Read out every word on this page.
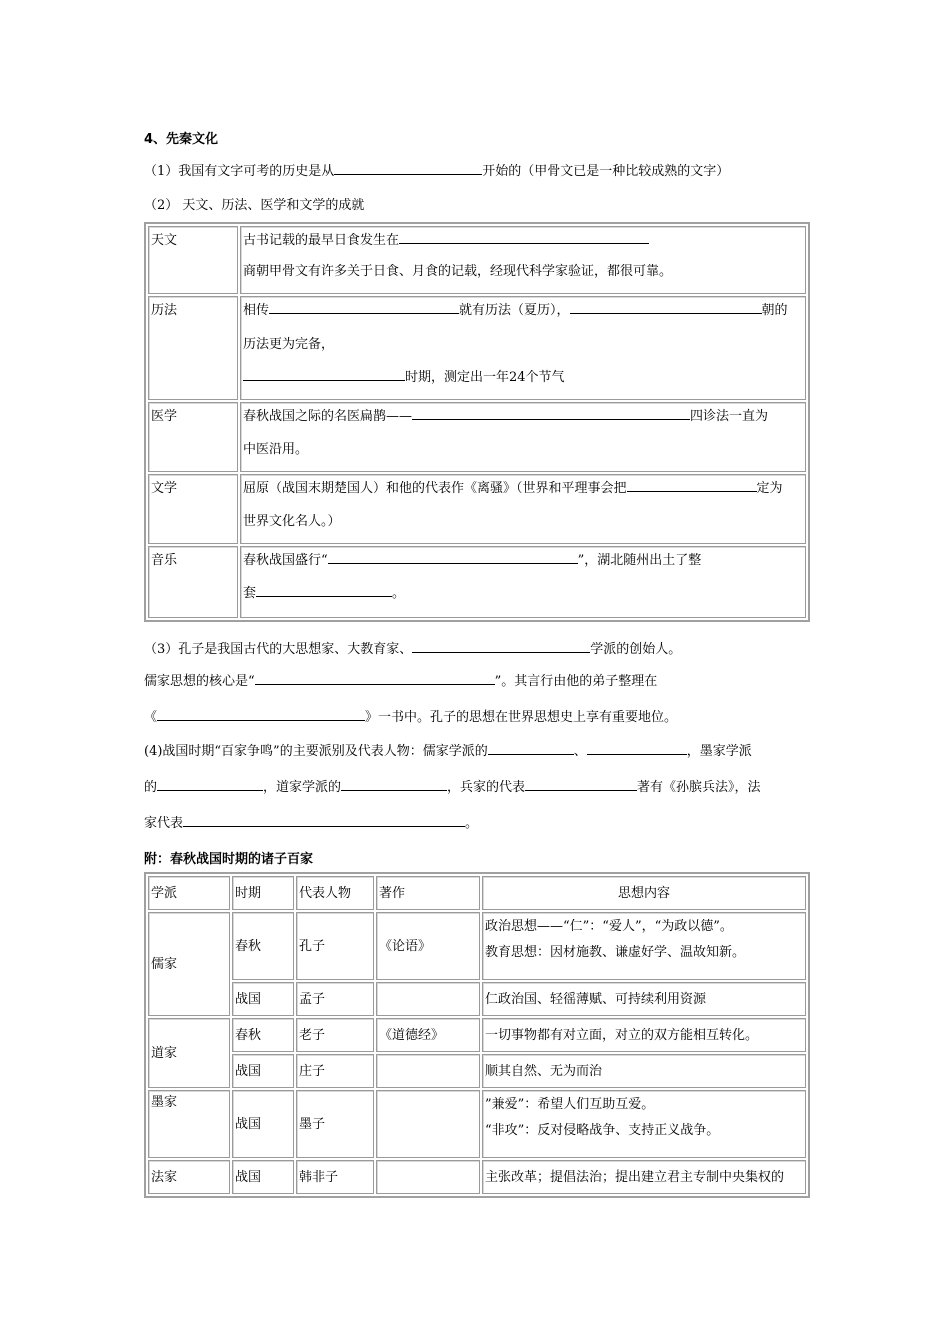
4、先秦文化
（1）我国有文字可考的历史是从	开始的（甲骨文已是一种比较成熟的文字）
（2） 天文、历法、医学和文学的成就
天文	古书记载的最早日食发生在
商朝甲骨文有许多关于日食、月食的记载，经现代科学家验证，都很可靠。

历法	相传 就有历法（夏历）， 朝的
历法更为完备，
时期，测定出一年24个节气

医学	春秋战国之际的名医扁鹊—— 四诊法一直为
中医沿用。

文学	屈原（战国末期楚国人）和他的代表作《离骚》（世界和平理事会把 定为
世界文化名人。）

音乐	春秋战国盛行“ ”，湖北随州出土了整
套 。
（3）孔子是我国古代的大思想家、大教育家、	学派的创始人。
儒家思想的核心是“	”。其言行由他的弟子整理在
《	》一书中。孔子的思想在世界思想史上享有重要地位。
(4)战国时期“百家争鸣”的主要派别及代表人物：儒家学派的	、	，墨家学派
的	，道家学派的	，兵家的代表	著有《孙膑兵法》，法
家代表	。
附：春秋战国时期的诸子百家
学派	时期	代表人物	著作	思想内容
儒家	春秋	孔子	《论语》	政治思想——“仁”：“爱人”，“为政以德”。
教育思想：因材施教、谦虚好学、温故知新。

	战国	孟子		仁政治国、轻徭薄赋、可持续利用资源
道家	春秋	老子	《道德经》	一切事物都有对立面，对立的双方能相互转化。
	战国	庄子		顺其自然、无为而治
墨家	战国	墨子		”兼爱”：希望人们互助互爱。
“非攻”：反对侵略战争、支持正义战争。

法家	战国	韩非子		主张改革；提倡法治；提出建立君主专制中央集权的
